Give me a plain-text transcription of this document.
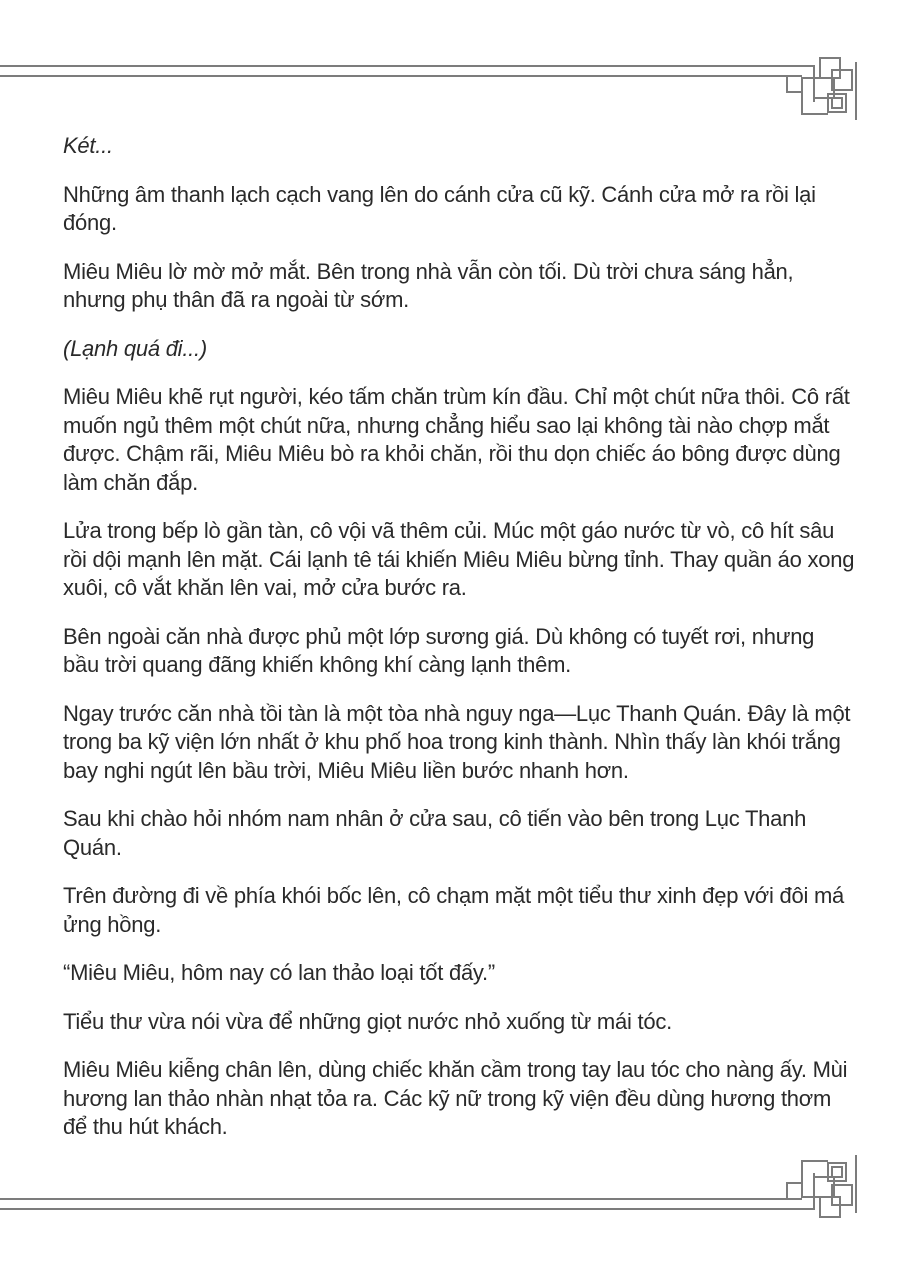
Két...

Những âm thanh lạch cạch vang lên do cánh cửa cũ kỹ. Cánh cửa mở ra rồi lại đóng.

Miêu Miêu lờ mờ mở mắt. Bên trong nhà vẫn còn tối. Dù trời chưa sáng hẳn, nhưng phụ thân đã ra ngoài từ sớm.

(Lạnh quá đi...)

Miêu Miêu khẽ rụt người, kéo tấm chăn trùm kín đầu. Chỉ một chút nữa thôi. Cô rất muốn ngủ thêm một chút nữa, nhưng chẳng hiểu sao lại không tài nào chợp mắt được. Chậm rãi, Miêu Miêu bò ra khỏi chăn, rồi thu dọn chiếc áo bông được dùng làm chăn đắp.

Lửa trong bếp lò gần tàn, cô vội vã thêm củi. Múc một gáo nước từ vò, cô hít sâu rồi dội mạnh lên mặt. Cái lạnh tê tái khiến Miêu Miêu bừng tỉnh. Thay quần áo xong xuôi, cô vắt khăn lên vai, mở cửa bước ra.

Bên ngoài căn nhà được phủ một lớp sương giá. Dù không có tuyết rơi, nhưng bầu trời quang đãng khiến không khí càng lạnh thêm.

Ngay trước căn nhà tồi tàn là một tòa nhà nguy nga—Lục Thanh Quán. Đây là một trong ba kỹ viện lớn nhất ở khu phố hoa trong kinh thành. Nhìn thấy làn khói trắng bay nghi ngút lên bầu trời, Miêu Miêu liền bước nhanh hơn.

Sau khi chào hỏi nhóm nam nhân ở cửa sau, cô tiến vào bên trong Lục Thanh Quán.

Trên đường đi về phía khói bốc lên, cô chạm mặt một tiểu thư xinh đẹp với đôi má ửng hồng.

“Miêu Miêu, hôm nay có lan thảo loại tốt đấy.”

Tiểu thư vừa nói vừa để những giọt nước nhỏ xuống từ mái tóc.

Miêu Miêu kiễng chân lên, dùng chiếc khăn cầm trong tay lau tóc cho nàng ấy. Mùi hương lan thảo nhàn nhạt tỏa ra. Các kỹ nữ trong kỹ viện đều dùng hương thơm để thu hút khách.
